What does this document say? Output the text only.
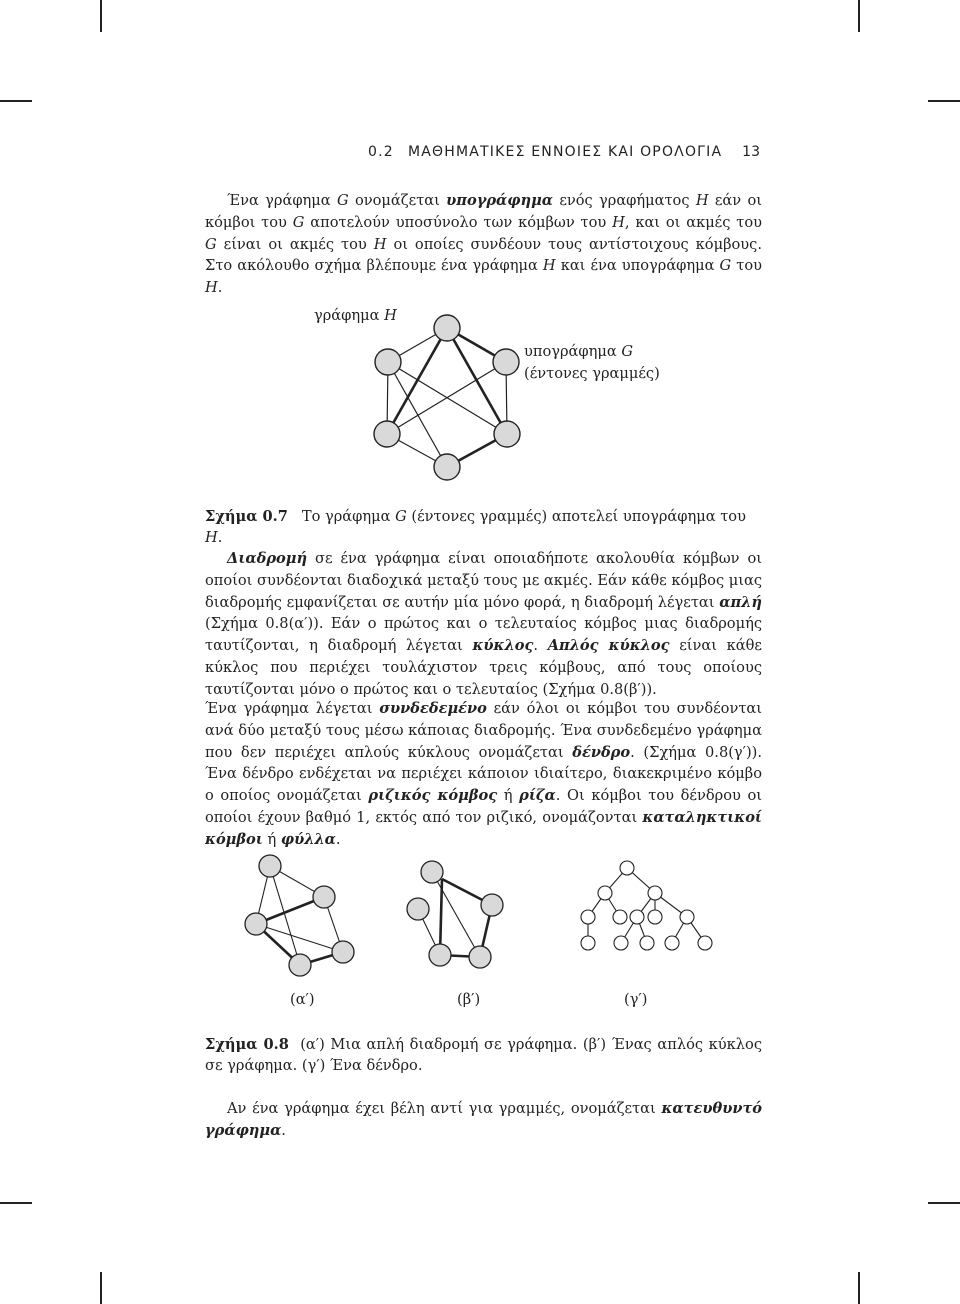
0.2	ΜΑΘΗΜΑΤΙΚΕΣ ΕΝΝΟΙΕΣ ΚΑΙ ΟΡΟΛΟΓΙΑ	13

Ένα γράφημα G ονομάζεται υπογράφημα ενός γραφήματος H εάν οι κόμβοι του G αποτελούν υποσύνολο των κόμβων του H, και οι ακμές του G είναι οι ακμές του H οι οποίες συνδέουν τους αντίστοιχους κόμβους. Στο ακόλουθο σχήμα βλέπουμε ένα γράφημα H και ένα υπογράφημα G του H.

γράφημα H
υπογράφημα G
(έντονες γραμμές)
Σχήμα 0.7 Το γράφημα G (έντονες γραμμές) αποτελεί υπογράφημα του H.

Διαδρομή σε ένα γράφημα είναι οποιαδήποτε ακολουθία κόμβων οι οποίοι συνδέονται διαδοχικά μεταξύ τους με ακμές. Εάν κάθε κόμβος μιας διαδρομής εμφανίζεται σε αυτήν μία μόνο φορά, η διαδρομή λέγεται απλή (Σχήμα 0.8(α′)). Εάν ο πρώτος και ο τελευταίος κόμβος μιας διαδρομής ταυτίζονται, η διαδρομή λέγεται κύκλος. Απλός κύκλος είναι κάθε κύκλος που περιέχει τουλάχιστον τρεις κόμβους, από τους οποίους ταυτίζονται μόνο ο πρώτος και ο τελευταίος (Σχήμα 0.8(β′)).

Ένα γράφημα λέγεται συνδεδεμένο εάν όλοι οι κόμβοι του συνδέονται ανά δύο μεταξύ τους μέσω κάποιας διαδρομής. Ένα συνδεδεμένο γράφημα που δεν περιέχει απλούς κύκλους ονομάζεται δένδρο. (Σχήμα 0.8(γ′)). Ένα δένδρο ενδέχεται να περιέχει κάποιον ιδιαίτερο, διακεκριμένο κόμβο ο οποίος ονομάζεται ριζικός κόμβος ή ρίζα. Οι κόμβοι του δένδρου οι οποίοι έχουν βαθμό 1, εκτός από τον ριζικό, ονομάζονται καταληκτικοί κόμβοι ή φύλλα.

(α′)	(β′)	(γ′)
Σχήμα 0.8 (α′) Μια απλή διαδρομή σε γράφημα. (β′) Ένας απλός κύκλος σε γράφημα. (γ′) Ένα δένδρο.

Αν ένα γράφημα έχει βέλη αντί για γραμμές, ονομάζεται κατευθυντό γράφημα.
